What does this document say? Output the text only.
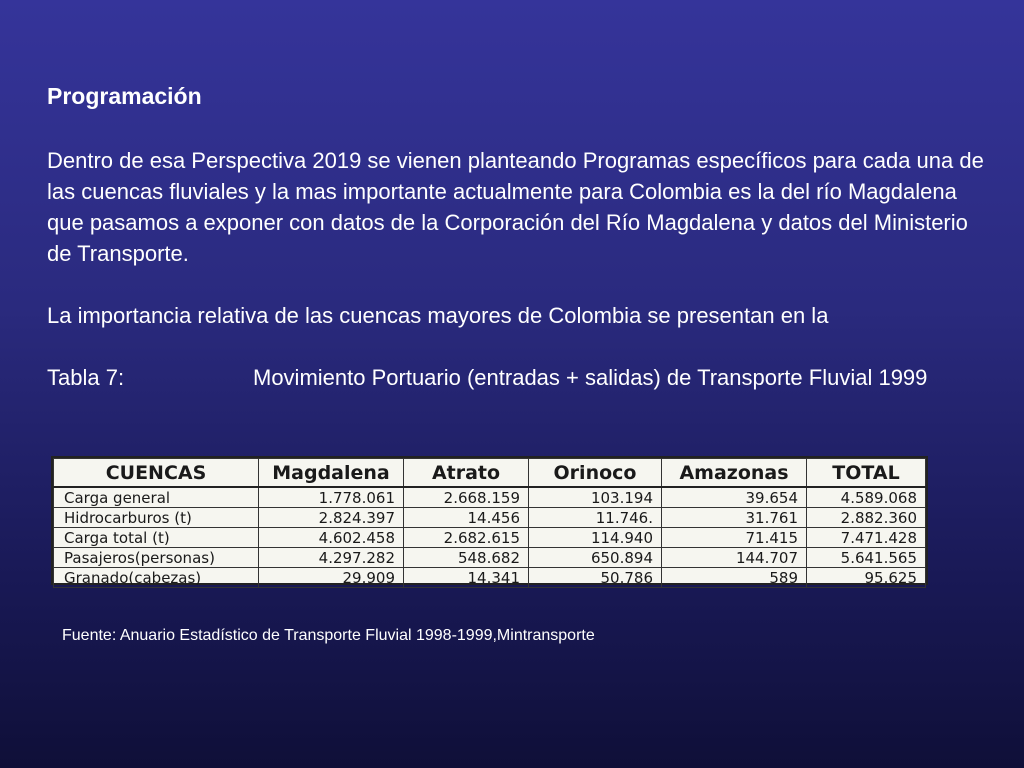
Programación

Dentro de esa Perspectiva 2019 se vienen planteando Programas específicos para cada una de las cuencas fluviales y la mas importante actualmente para Colombia es la del río Magdalena que pasamos a exponer con datos de la Corporación del Río Magdalena y datos del Ministerio de Transporte.

La importancia relativa de las cuencas mayores de Colombia se presentan en la

Tabla 7:	Movimiento Portuario (entradas + salidas) de Transporte Fluvial 1999
CUENCAS	Magdalena	Atrato	Orinoco	Amazonas	TOTAL
Carga general	1.778.061	2.668.159	103.194	39.654	4.589.068
Hidrocarburos (t)	2.824.397	14.456	11.746.	31.761	2.882.360
Carga total (t)	4.602.458	2.682.615	114.940	71.415	7.471.428
Pasajeros(personas)	4.297.282	548.682	650.894	144.707	5.641.565
Granado(cabezas)	29.909	14.341	50.786	589	95.625
Fuente: Anuario Estadístico de Transporte Fluvial 1998-1999,Mintransporte
